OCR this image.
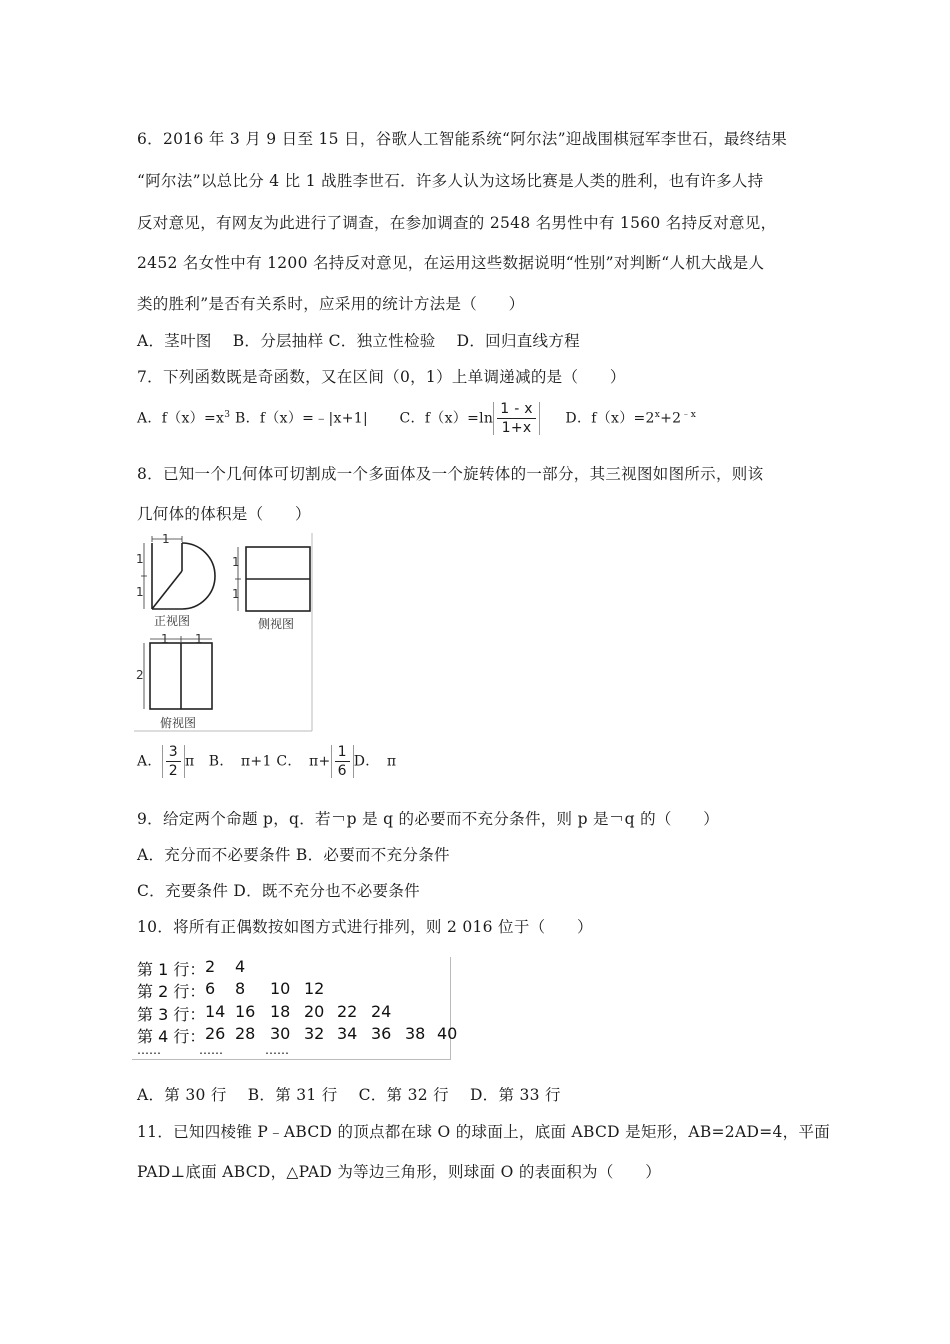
6．2016 年 3 月 9 日至 15 日，谷歌人工智能系统“阿尔法”迎战围棋冠军李世石，最终结果
“阿尔法”以总比分 4 比 1 战胜李世石．许多人认为这场比赛是人类的胜利，也有许多人持
反对意见，有网友为此进行了调查，在参加调查的 2548 名男性中有 1560 名持反对意见，
2452 名女性中有 1200 名持反对意见，在运用这些数据说明“性别”对判断“人机大战是人
类的胜利”是否有关系时，应采用的统计方法是（　　）
A．茎叶图　 B．分层抽样 C．独立性检验　 D．回归直线方程
7．下列函数既是奇函数，又在区间（0，1）上单调递减的是（　　）
A．$f(x)=x^3$ B．f（x）=﹣|x+1| C．$f(x)=\ln \frac{1 - x}{1+x}$ D．$f(x)=2^x+2^{﹣x}$
8．已知一个几何体可切割成一个多面体及一个旋转体的一部分，其三视图如图所示，则该
几何体的体积是（　　）
1
1
1
正视图
1
1
侧视图
1 1
2
俯视图
A． $\frac{3}{2}$ π　B．　π+1 C．　$\pi+ \frac{1}{6}$ D．　π
9．给定两个命题 p，q．若￢p 是 q 的必要而不充分条件，则 p 是￢q 的（　　）
A．充分而不必要条件 B．必要而不充分条件
C．充要条件 D．既不充分也不必要条件
10．将所有正偶数按如图方式进行排列，则 2 016 位于（　　）
第 1 行： 2 4
第 2 行： 6 8 10 12
第 3 行： 14 16 18 20 22 24
第 4 行： 26 28 30 32 34 36 38 40
……	……	……
A．第 30 行　 B．第 31 行　 C．第 32 行　 D．第 33 行
11．已知四棱锥 P﹣ABCD 的顶点都在球 O 的球面上，底面 ABCD 是矩形，AB=2AD=4，平面
PAD⊥底面 ABCD，△PAD 为等边三角形，则球面 O 的表面积为（　　）
